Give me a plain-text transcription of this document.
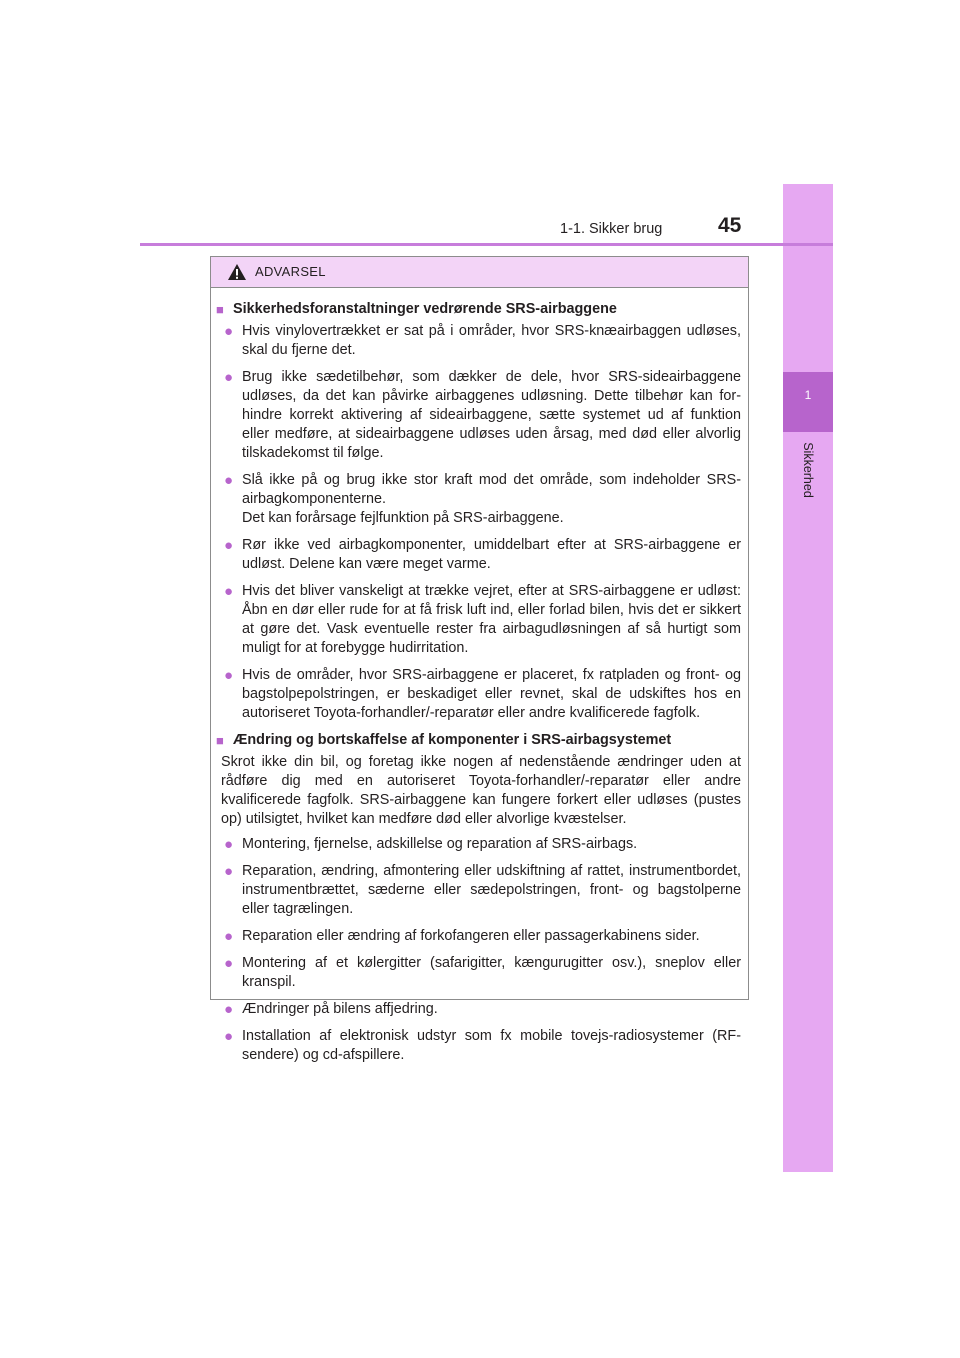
1
Sikkerhed
1-1. Sikker brug	45
ADVARSEL
■ Sikkerhedsforanstaltninger vedrørende SRS-airbaggene
● Hvis vinylovertrækket er sat på i områder, hvor SRS-knæairbaggen udløses, skal du fjerne det.
● Brug ikke sædetilbehør, som dækker de dele, hvor SRS-sideairbaggene udløses, da det kan påvirke airbaggenes udløsning. Dette tilbehør kan for-hindre korrekt aktivering af sideairbaggene, sætte systemet ud af funktion eller medføre, at sideairbaggene udløses uden årsag, med død eller alvorlig tilskadekomst til følge.
● Slå ikke på og brug ikke stor kraft mod det område, som indeholder SRS-airbagkomponenterne.
Det kan forårsage fejlfunktion på SRS-airbaggene.
● Rør ikke ved airbagkomponenter, umiddelbart efter at SRS-airbaggene er udløst. Delene kan være meget varme.
● Hvis det bliver vanskeligt at trække vejret, efter at SRS-airbaggene er udløst: Åbn en dør eller rude for at få frisk luft ind, eller forlad bilen, hvis det er sikkert at gøre det. Vask eventuelle rester fra airbagudløsningen af så hurtigt som muligt for at forebygge hudirritation.
● Hvis de områder, hvor SRS-airbaggene er placeret, fx ratpladen og front- og bagstolpepolstringen, er beskadiget eller revnet, skal de udskiftes hos en autoriseret Toyota-forhandler/-reparatør eller andre kvalificerede fagfolk.
■ Ændring og bortskaffelse af komponenter i SRS-airbagsystemet
Skrot ikke din bil, og foretag ikke nogen af nedenstående ændringer uden at rådføre dig med en autoriseret Toyota-forhandler/-reparatør eller andre kvalificerede fagfolk. SRS-airbaggene kan fungere forkert eller udløses (pustes op) utilsigtet, hvilket kan medføre død eller alvorlige kvæstelser.
● Montering, fjernelse, adskillelse og reparation af SRS-airbags.
● Reparation, ændring, afmontering eller udskiftning af rattet, instrumentbordet, instrumentbrættet, sæderne eller sædepolstringen, front- og bagstolperne eller tagrælingen.
● Reparation eller ændring af forkofangeren eller passagerkabinens sider.
● Montering af et kølergitter (safarigitter, kængurugitter osv.), sneplov eller kranspil.
● Ændringer på bilens affjedring.
● Installation af elektronisk udstyr som fx mobile tovejs-radiosystemer (RF-sendere) og cd-afspillere.
